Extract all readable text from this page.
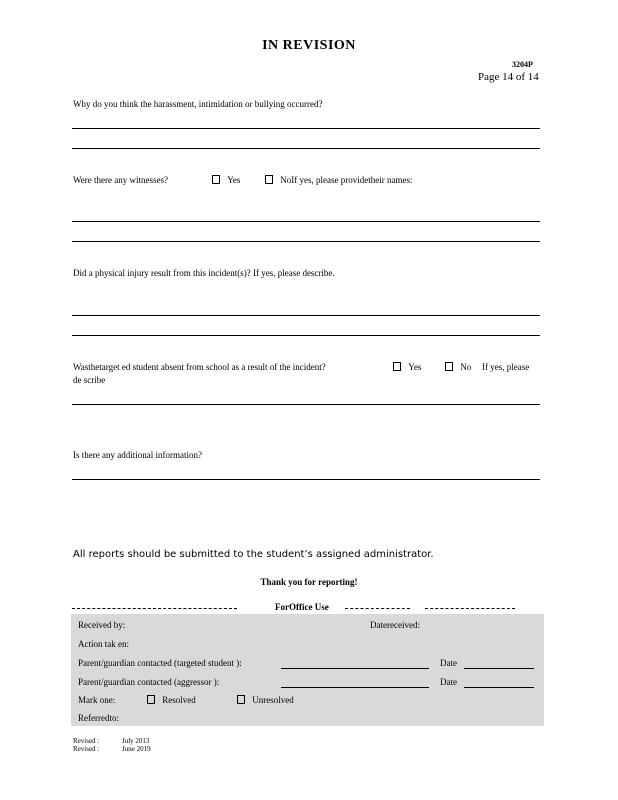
IN REVISION
3204P
Page 14 of 14
Why do you think the harassment, intimidation or bullying occurred?
Were there any witnesses?	Yes	NoIf yes, please providetheir names:
Did a physical injury result from this incident(s)? If yes, please describe.
Wasthetarget ed student absent from school as a result of the incident?	Yes	No If yes, please
de scribe
Is there any additional information?
All reports should be submitted to the student’s assigned administrator.
Thank you for reporting!
ForOffice Use
Received by:	Datereceived:
Action tak en:
Parent/guardian contacted (targeted student ):	Date
Parent/guardian contacted (aggressor ):	Date
Mark one:	Resolved	Unresolved
Referredto:
Revised :	July 2013
Revised :	June 2019
